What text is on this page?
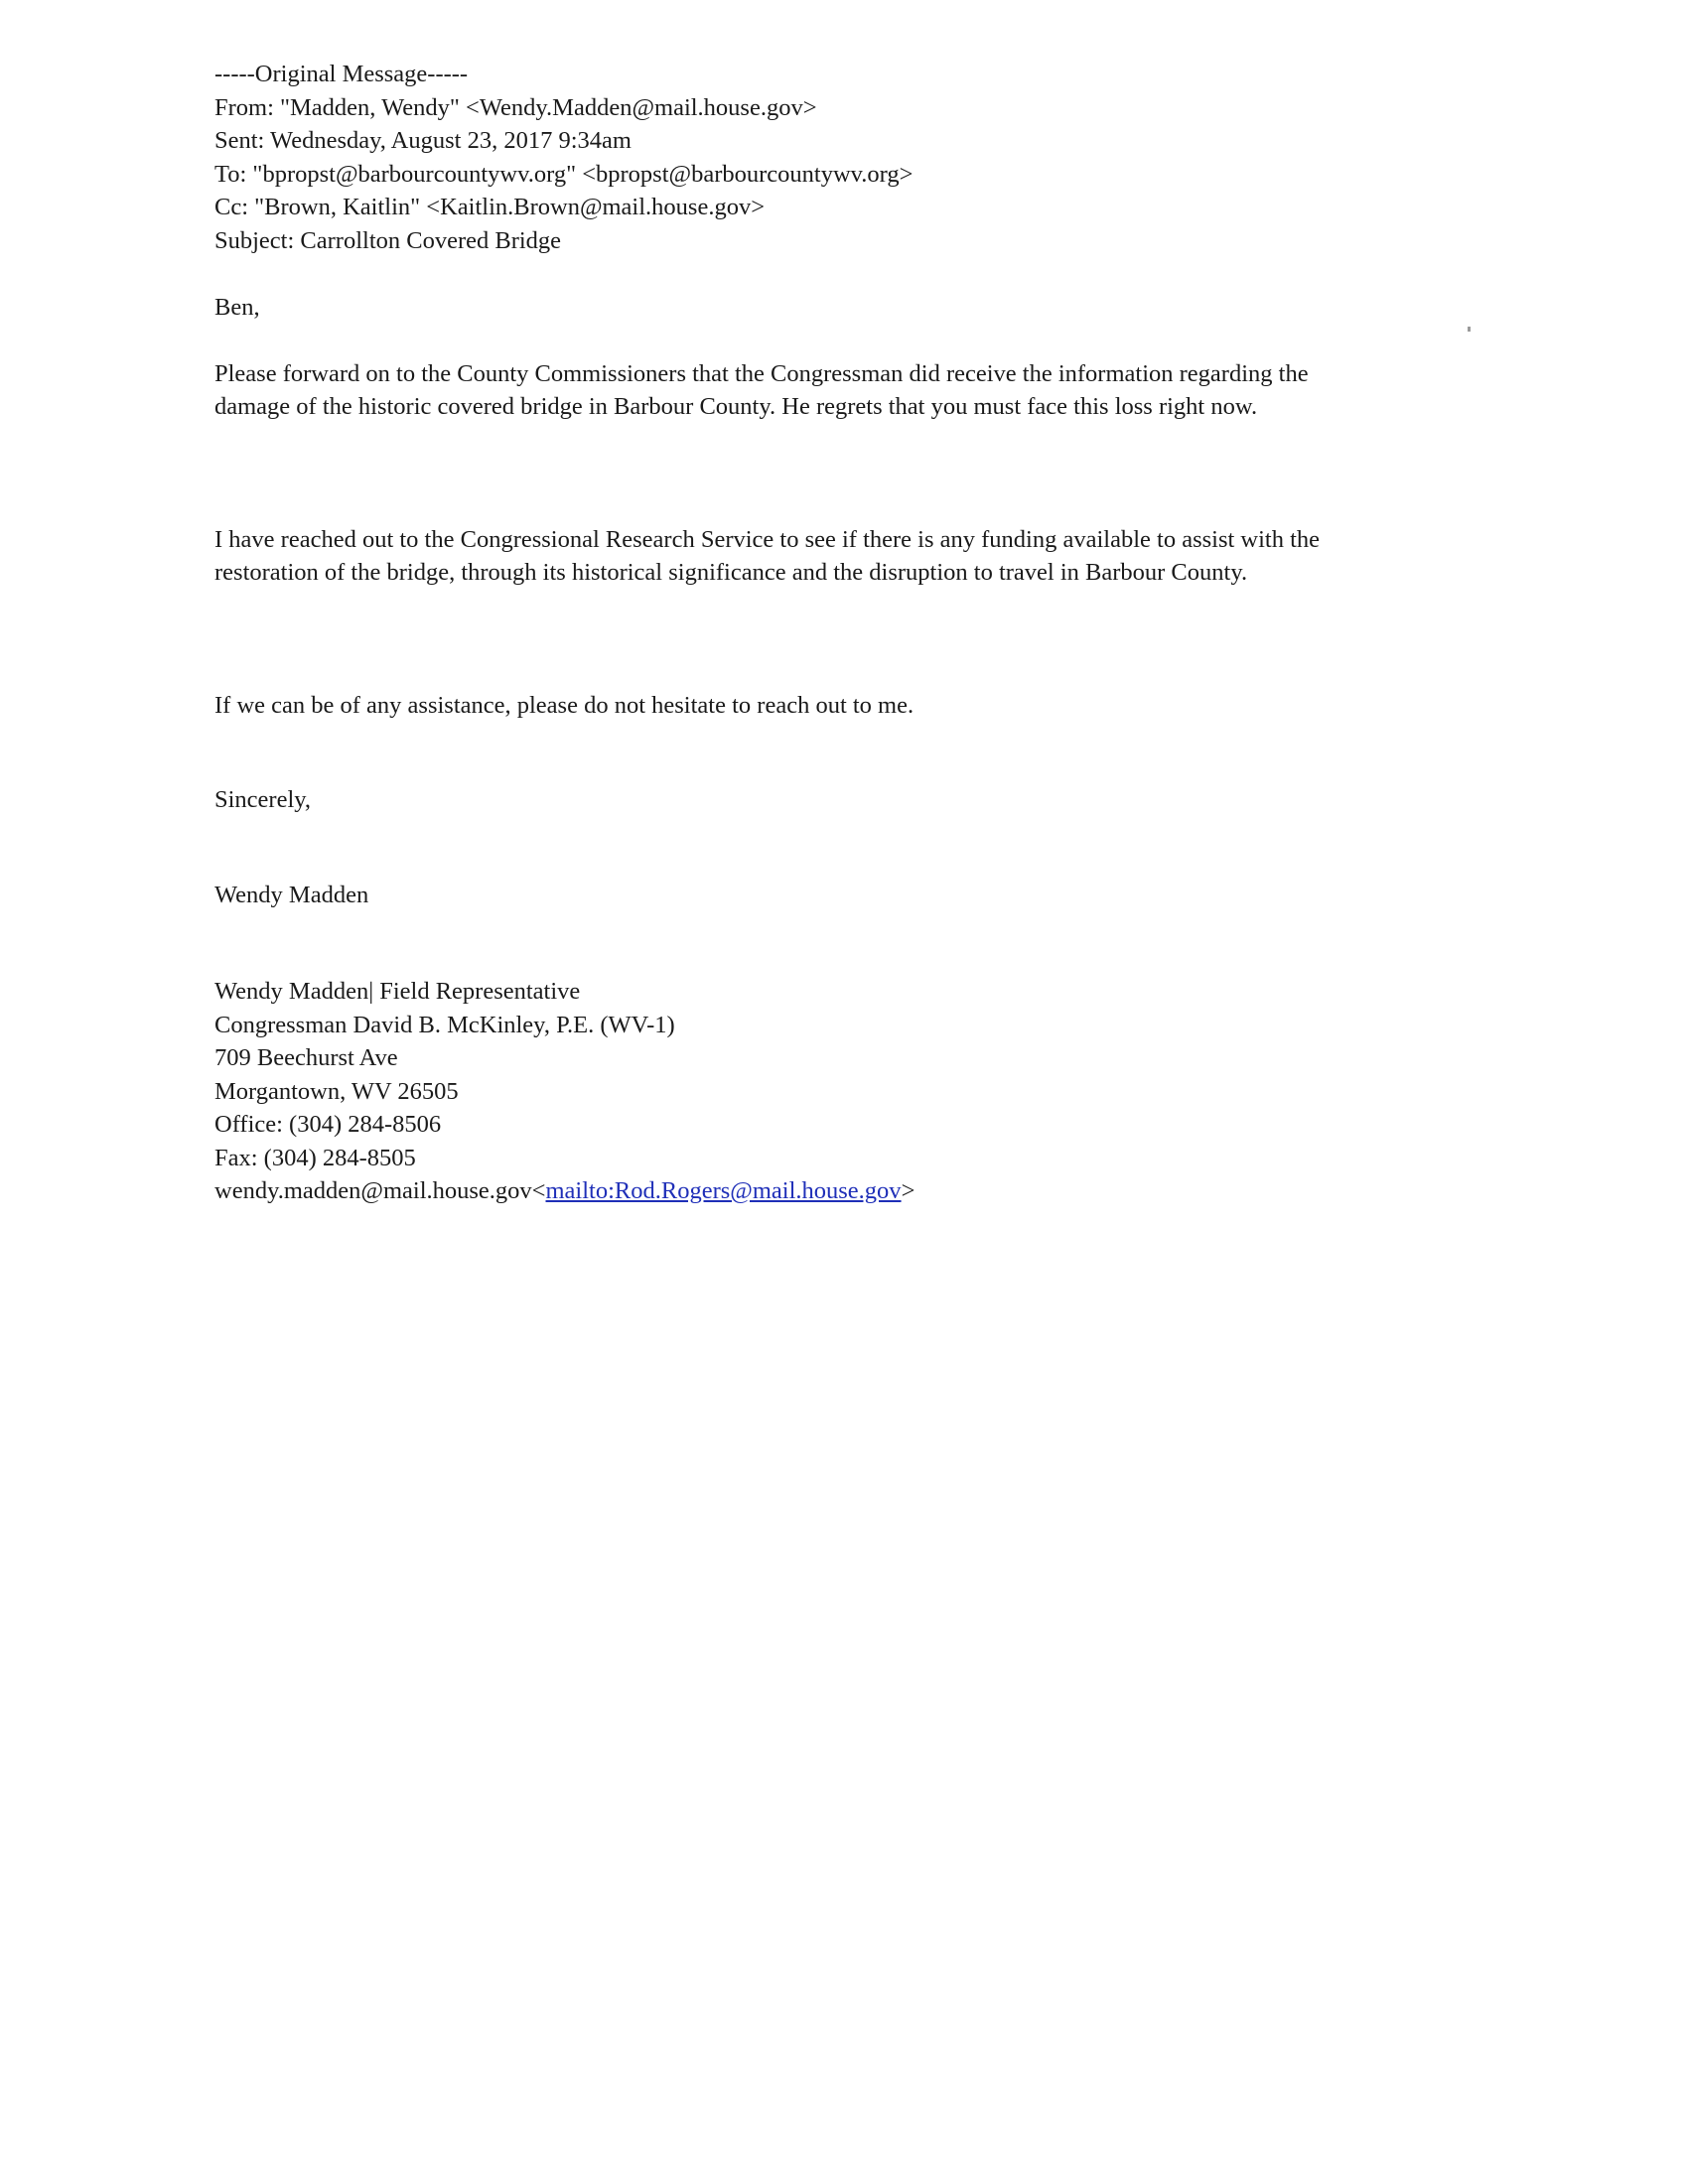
-----Original Message-----
From: "Madden, Wendy" <Wendy.Madden@mail.house.gov>
Sent: Wednesday, August 23, 2017 9:34am
To: "bpropst@barbourcountywv.org" <bpropst@barbourcountywv.org>
Cc: "Brown, Kaitlin" <Kaitlin.Brown@mail.house.gov>
Subject: Carrollton Covered Bridge
Ben,
Please forward on to the County Commissioners that the Congressman did receive the information regarding the
damage of the historic covered bridge in Barbour County. He regrets that you must face this loss right now.
I have reached out to the Congressional Research Service to see if there is any funding available to assist with the
restoration of the bridge, through its historical significance and the disruption to travel in Barbour County.
If we can be of any assistance, please do not hesitate to reach out to me.
Sincerely,
Wendy Madden
Wendy Madden| Field Representative
Congressman David B. McKinley, P.E. (WV-1)
709 Beechurst Ave
Morgantown, WV 26505
Office: (304) 284-8506
Fax: (304) 284-8505
wendy.madden@mail.house.gov<mailto:Rod.Rogers@mail.house.gov>
